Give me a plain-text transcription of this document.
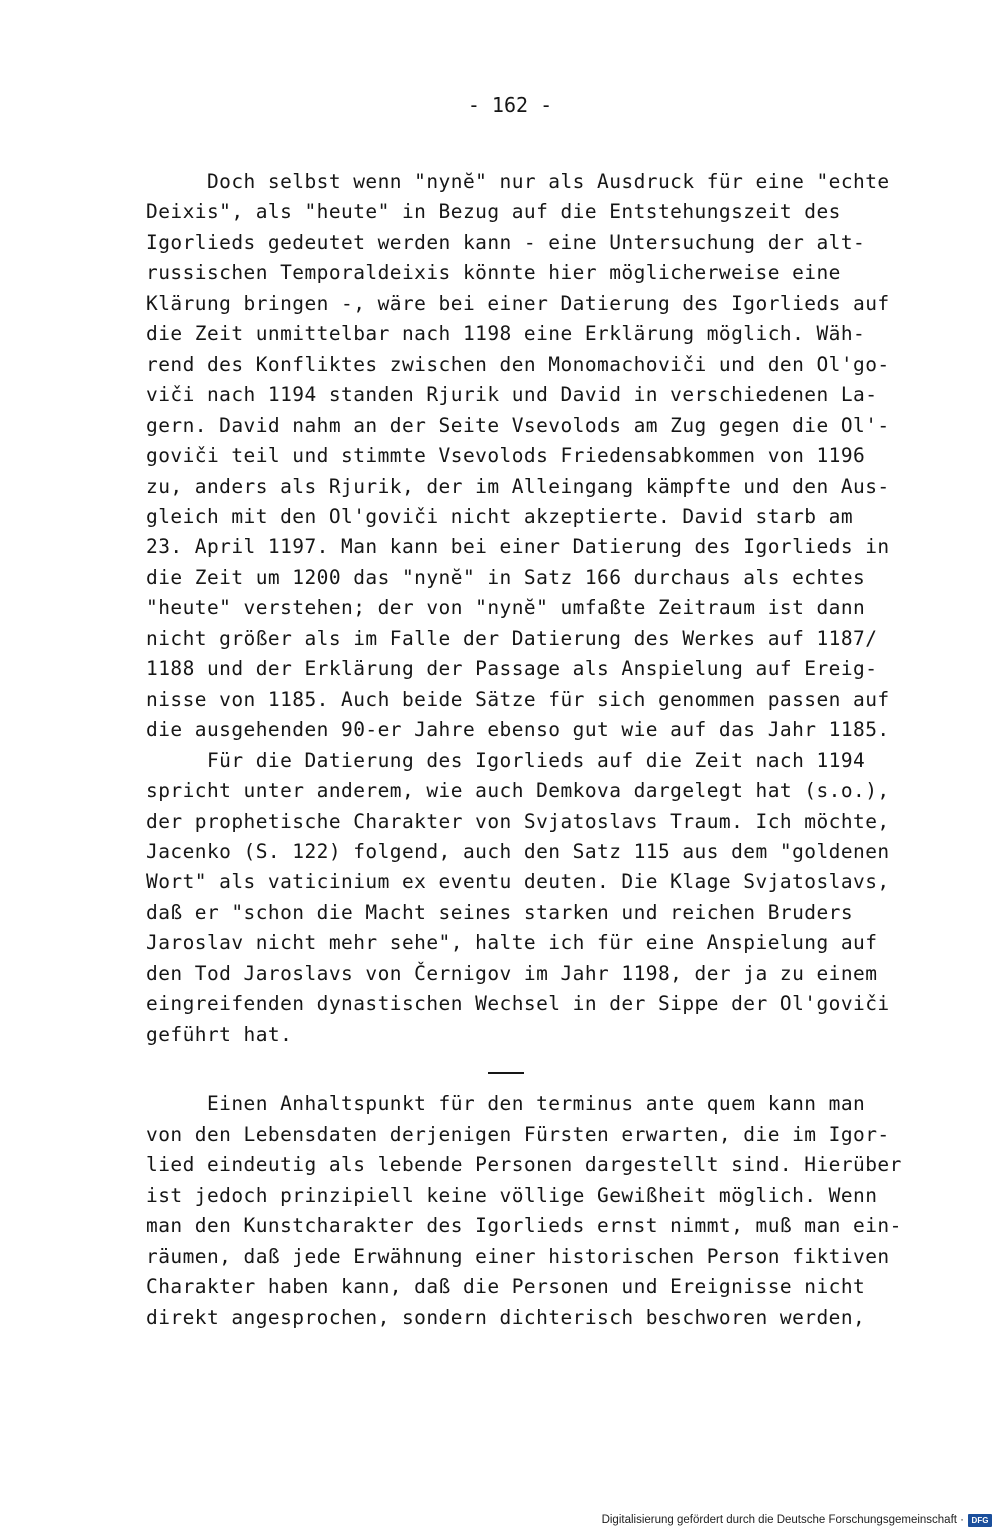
- 162 -
Doch selbst wenn "nynĕ" nur als Ausdruck für eine "echte
Deixis", als "heute" in Bezug auf die Entstehungszeit des
Igorlieds gedeutet werden kann - eine Untersuchung der alt-
russischen Temporaldeixis könnte hier möglicherweise eine
Klärung bringen -, wäre bei einer Datierung des Igorlieds auf
die Zeit unmittelbar nach 1198 eine Erklärung möglich. Wäh-
rend des Konfliktes zwischen den Monomachoviči und den Ol'go-
viči nach 1194 standen Rjurik und David in verschiedenen La-
gern. David nahm an der Seite Vsevolods am Zug gegen die Ol'-
goviči teil und stimmte Vsevolods Friedensabkommen von 1196
zu, anders als Rjurik, der im Alleingang kämpfte und den Aus-
gleich mit den Ol'goviči nicht akzeptierte. David starb am
23. April 1197. Man kann bei einer Datierung des Igorlieds in
die Zeit um 1200 das "nynĕ" in Satz 166 durchaus als echtes
"heute" verstehen; der von "nynĕ" umfaßte Zeitraum ist dann
nicht größer als im Falle der Datierung des Werkes auf 1187/
1188 und der Erklärung der Passage als Anspielung auf Ereig-
nisse von 1185. Auch beide Sätze für sich genommen passen auf
die ausgehenden 90-er Jahre ebenso gut wie auf das Jahr 1185.
Für die Datierung des Igorlieds auf die Zeit nach 1194
spricht unter anderem, wie auch Demkova dargelegt hat (s.o.),
der prophetische Charakter von Svjatoslavs Traum. Ich möchte,
Jacenko (S. 122) folgend, auch den Satz 115 aus dem "goldenen
Wort" als vaticinium ex eventu deuten. Die Klage Svjatoslavs,
daß er "schon die Macht seines starken und reichen Bruders
Jaroslav nicht mehr sehe", halte ich für eine Anspielung auf
den Tod Jaroslavs von Černigov im Jahr 1198, der ja zu einem
eingreifenden dynastischen Wechsel in der Sippe der Ol'goviči
geführt hat.
Einen Anhaltspunkt für den terminus ante quem kann man
von den Lebensdaten derjenigen Fürsten erwarten, die im Igor-
lied eindeutig als lebende Personen dargestellt sind. Hierüber
ist jedoch prinzipiell keine völlige Gewißheit möglich. Wenn
man den Kunstcharakter des Igorlieds ernst nimmt, muß man ein-
räumen, daß jede Erwähnung einer historischen Person fiktiven
Charakter haben kann, daß die Personen und Ereignisse nicht
direkt angesprochen, sondern dichterisch beschworen werden,
Digitalisierung gefördert durch die Deutsche Forschungsgemeinschaft · DFG
